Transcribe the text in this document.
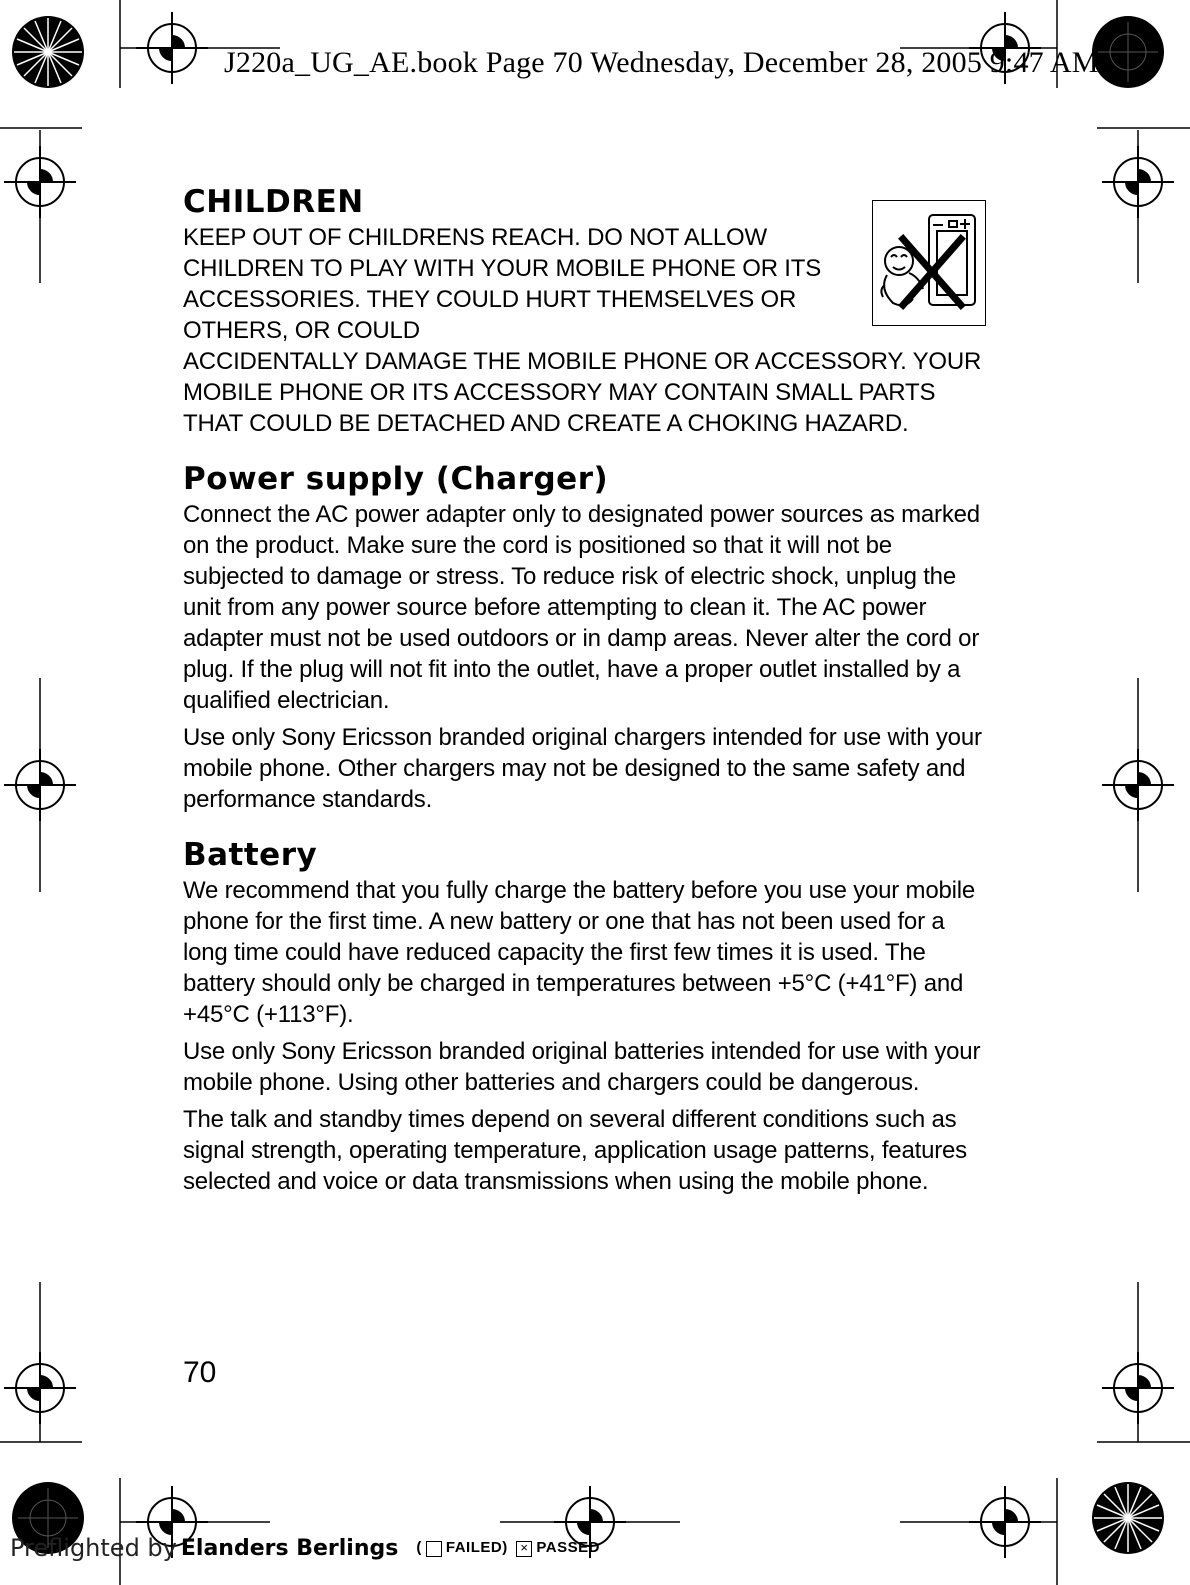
J220a_UG_AE.book Page 70 Wednesday, December 28, 2005 9:47 AM
CHILDREN

KEEP OUT OF CHILDRENS REACH. DO NOT ALLOW CHILDREN TO PLAY WITH YOUR MOBILE PHONE OR ITS ACCESSORIES. THEY COULD HURT THEMSELVES OR OTHERS, OR COULD

ACCIDENTALLY DAMAGE THE MOBILE PHONE OR ACCESSORY. YOUR MOBILE PHONE OR ITS ACCESSORY MAY CONTAIN SMALL PARTS THAT COULD BE DETACHED AND CREATE A CHOKING HAZARD.

Power supply (Charger)

Connect the AC power adapter only to designated power sources as marked on the product. Make sure the cord is positioned so that it will not be subjected to damage or stress. To reduce risk of electric shock, unplug the unit from any power source before attempting to clean it. The AC power adapter must not be used outdoors or in damp areas. Never alter the cord or plug. If the plug will not fit into the outlet, have a proper outlet installed by a qualified electrician.

Use only Sony Ericsson branded original chargers intended for use with your mobile phone. Other chargers may not be designed to the same safety and performance standards.

Battery

We recommend that you fully charge the battery before you use your mobile phone for the first time. A new battery or one that has not been used for a long time could have reduced capacity the first few times it is used. The battery should only be charged in temperatures between +5°C (+41°F) and +45°C (+113°F).

Use only Sony Ericsson branded original batteries intended for use with your mobile phone. Using other batteries and chargers could be dangerous.

The talk and standby times depend on several different conditions such as signal strength, operating temperature, application usage patterns, features selected and voice or data transmissions when using the mobile phone.

70
Preflighted by Elanders Berlings ( FAILED) × PASSED
